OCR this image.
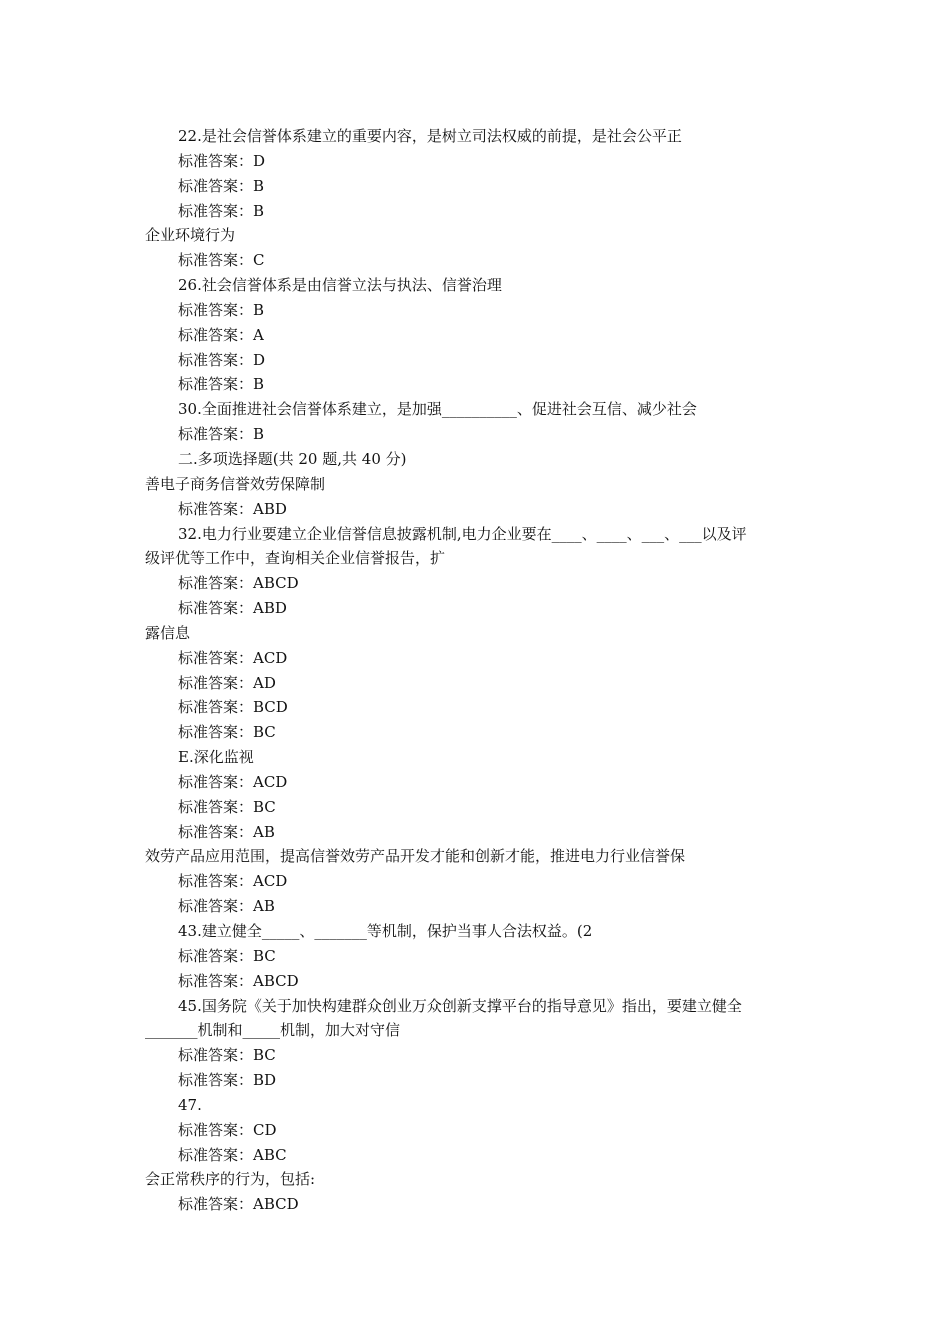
22.是社会信誉体系建立的重要内容，是树立司法权威的前提，是社会公平正
标准答案：D
标准答案：B
标准答案：B
企业环境行为
标准答案：C
26.社会信誉体系是由信誉立法与执法、信誉治理
标准答案：B
标准答案：A
标准答案：D
标准答案：B
30.全面推进社会信誉体系建立，是加强__________、促进社会互信、减少社会
标准答案：B
二.多项选择题(共 20 题,共 40 分)
善电子商务信誉效劳保障制
标准答案：ABD
32.电力行业要建立企业信誉信息披露机制,电力企业要在____、____、___、___以及评
级评优等工作中，查询相关企业信誉报告，扩
标准答案：ABCD
标准答案：ABD
露信息
标准答案：ACD
标准答案：AD
标准答案：BCD
标准答案：BC
E.深化监视
标准答案：ACD
标准答案：BC
标准答案：AB
效劳产品应用范围，提高信誉效劳产品开发才能和创新才能，推进电力行业信誉保
标准答案：ACD
标准答案：AB
43.建立健全_____、_______等机制，保护当事人合法权益。(2
标准答案：BC
标准答案：ABCD
45.国务院《关于加快构建群众创业万众创新支撑平台的指导意见》指出，要建立健全
_______机制和_____机制，加大对守信
标准答案：BC
标准答案：BD
47.
标准答案：CD
标准答案：ABC
会正常秩序的行为，包括:
标准答案：ABCD
